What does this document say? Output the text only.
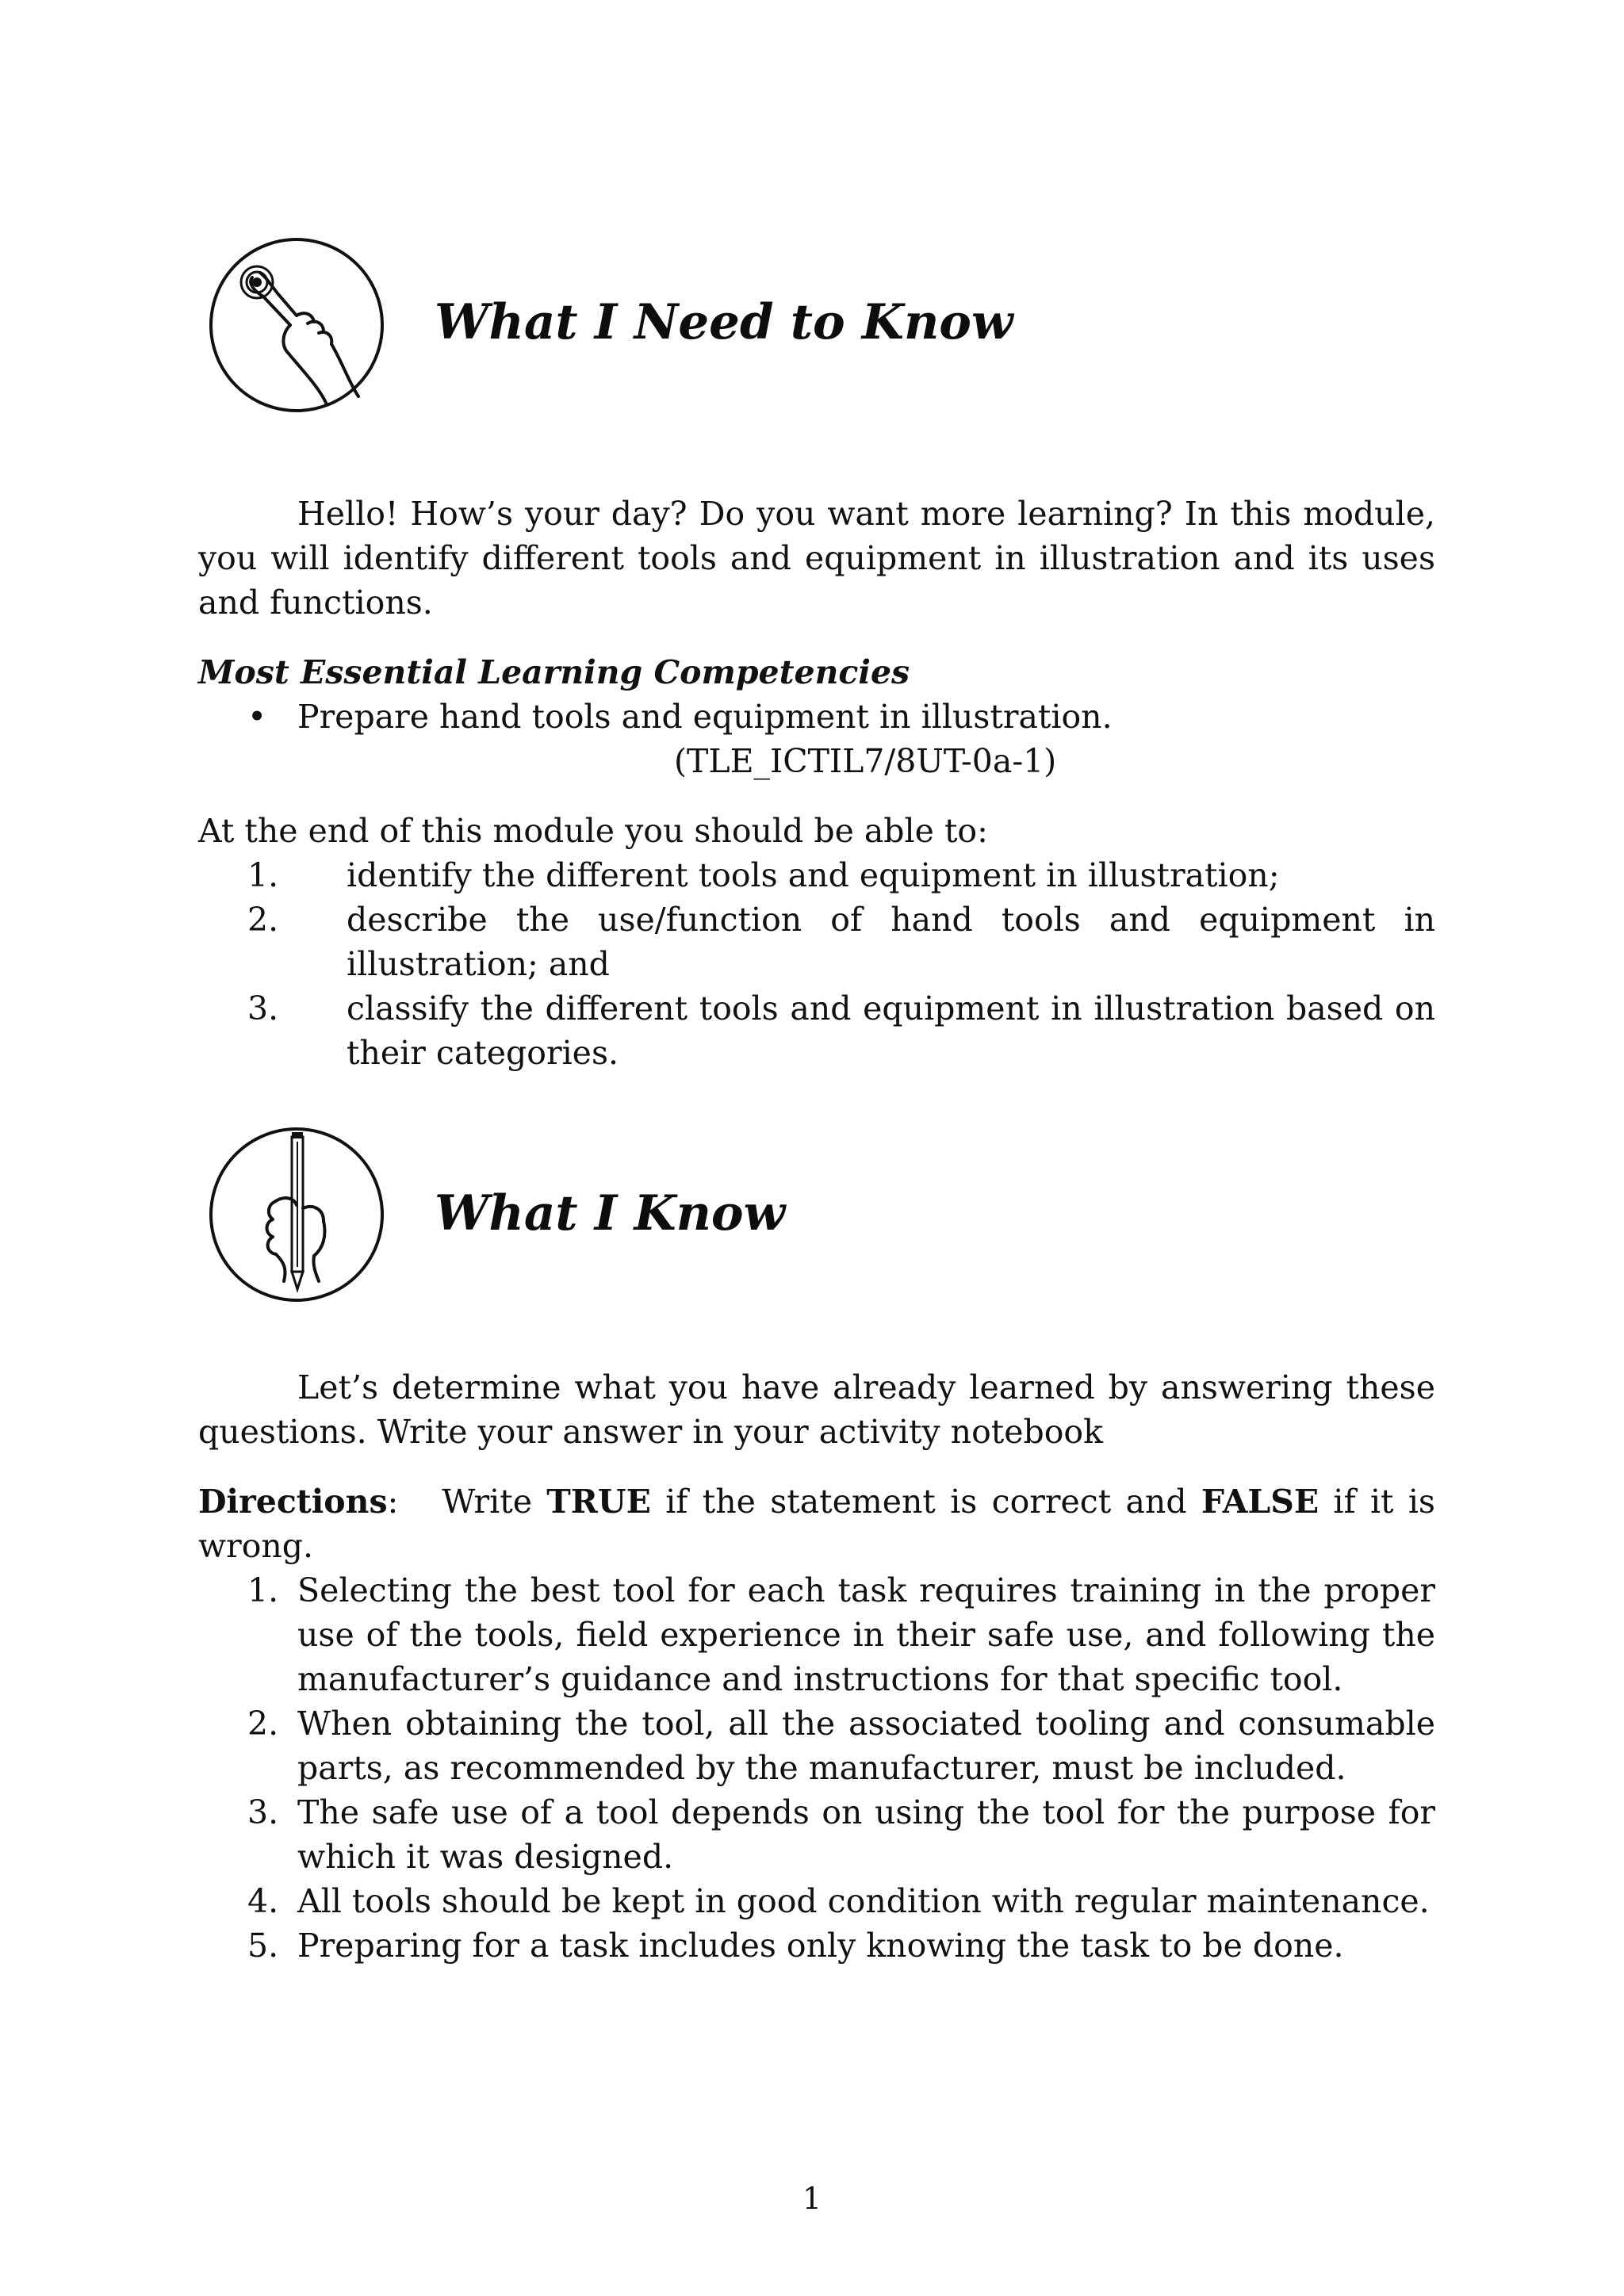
What I Need to Know

Hello! How’s your day? Do you want more learning? In this module, you will identify different tools and equipment in illustration and its uses and functions.

Most Essential Learning Competencies
• Prepare hand tools and equipment in illustration.
(TLE_ICTIL7/8UT-0a-1)
At the end of this module you should be able to:
1. identify the different tools and equipment in illustration;
2. describe the use/function of hand tools and equipment in illustration; and
3. classify the different tools and equipment in illustration based on their categories.
What I Know

Let’s determine what you have already learned by answering these questions. Write your answer in your activity notebook

Directions: Write TRUE if the statement is correct and FALSE if it is wrong.

1. Selecting the best tool for each task requires training in the proper use of the tools, field experience in their safe use, and following the manufacturer’s guidance and instructions for that specific tool.
2. When obtaining the tool, all the associated tooling and consumable parts, as recommended by the manufacturer, must be included.
3. The safe use of a tool depends on using the tool for the purpose for which it was designed.
4. All tools should be kept in good condition with regular maintenance.
5. Preparing for a task includes only knowing the task to be done.
1
